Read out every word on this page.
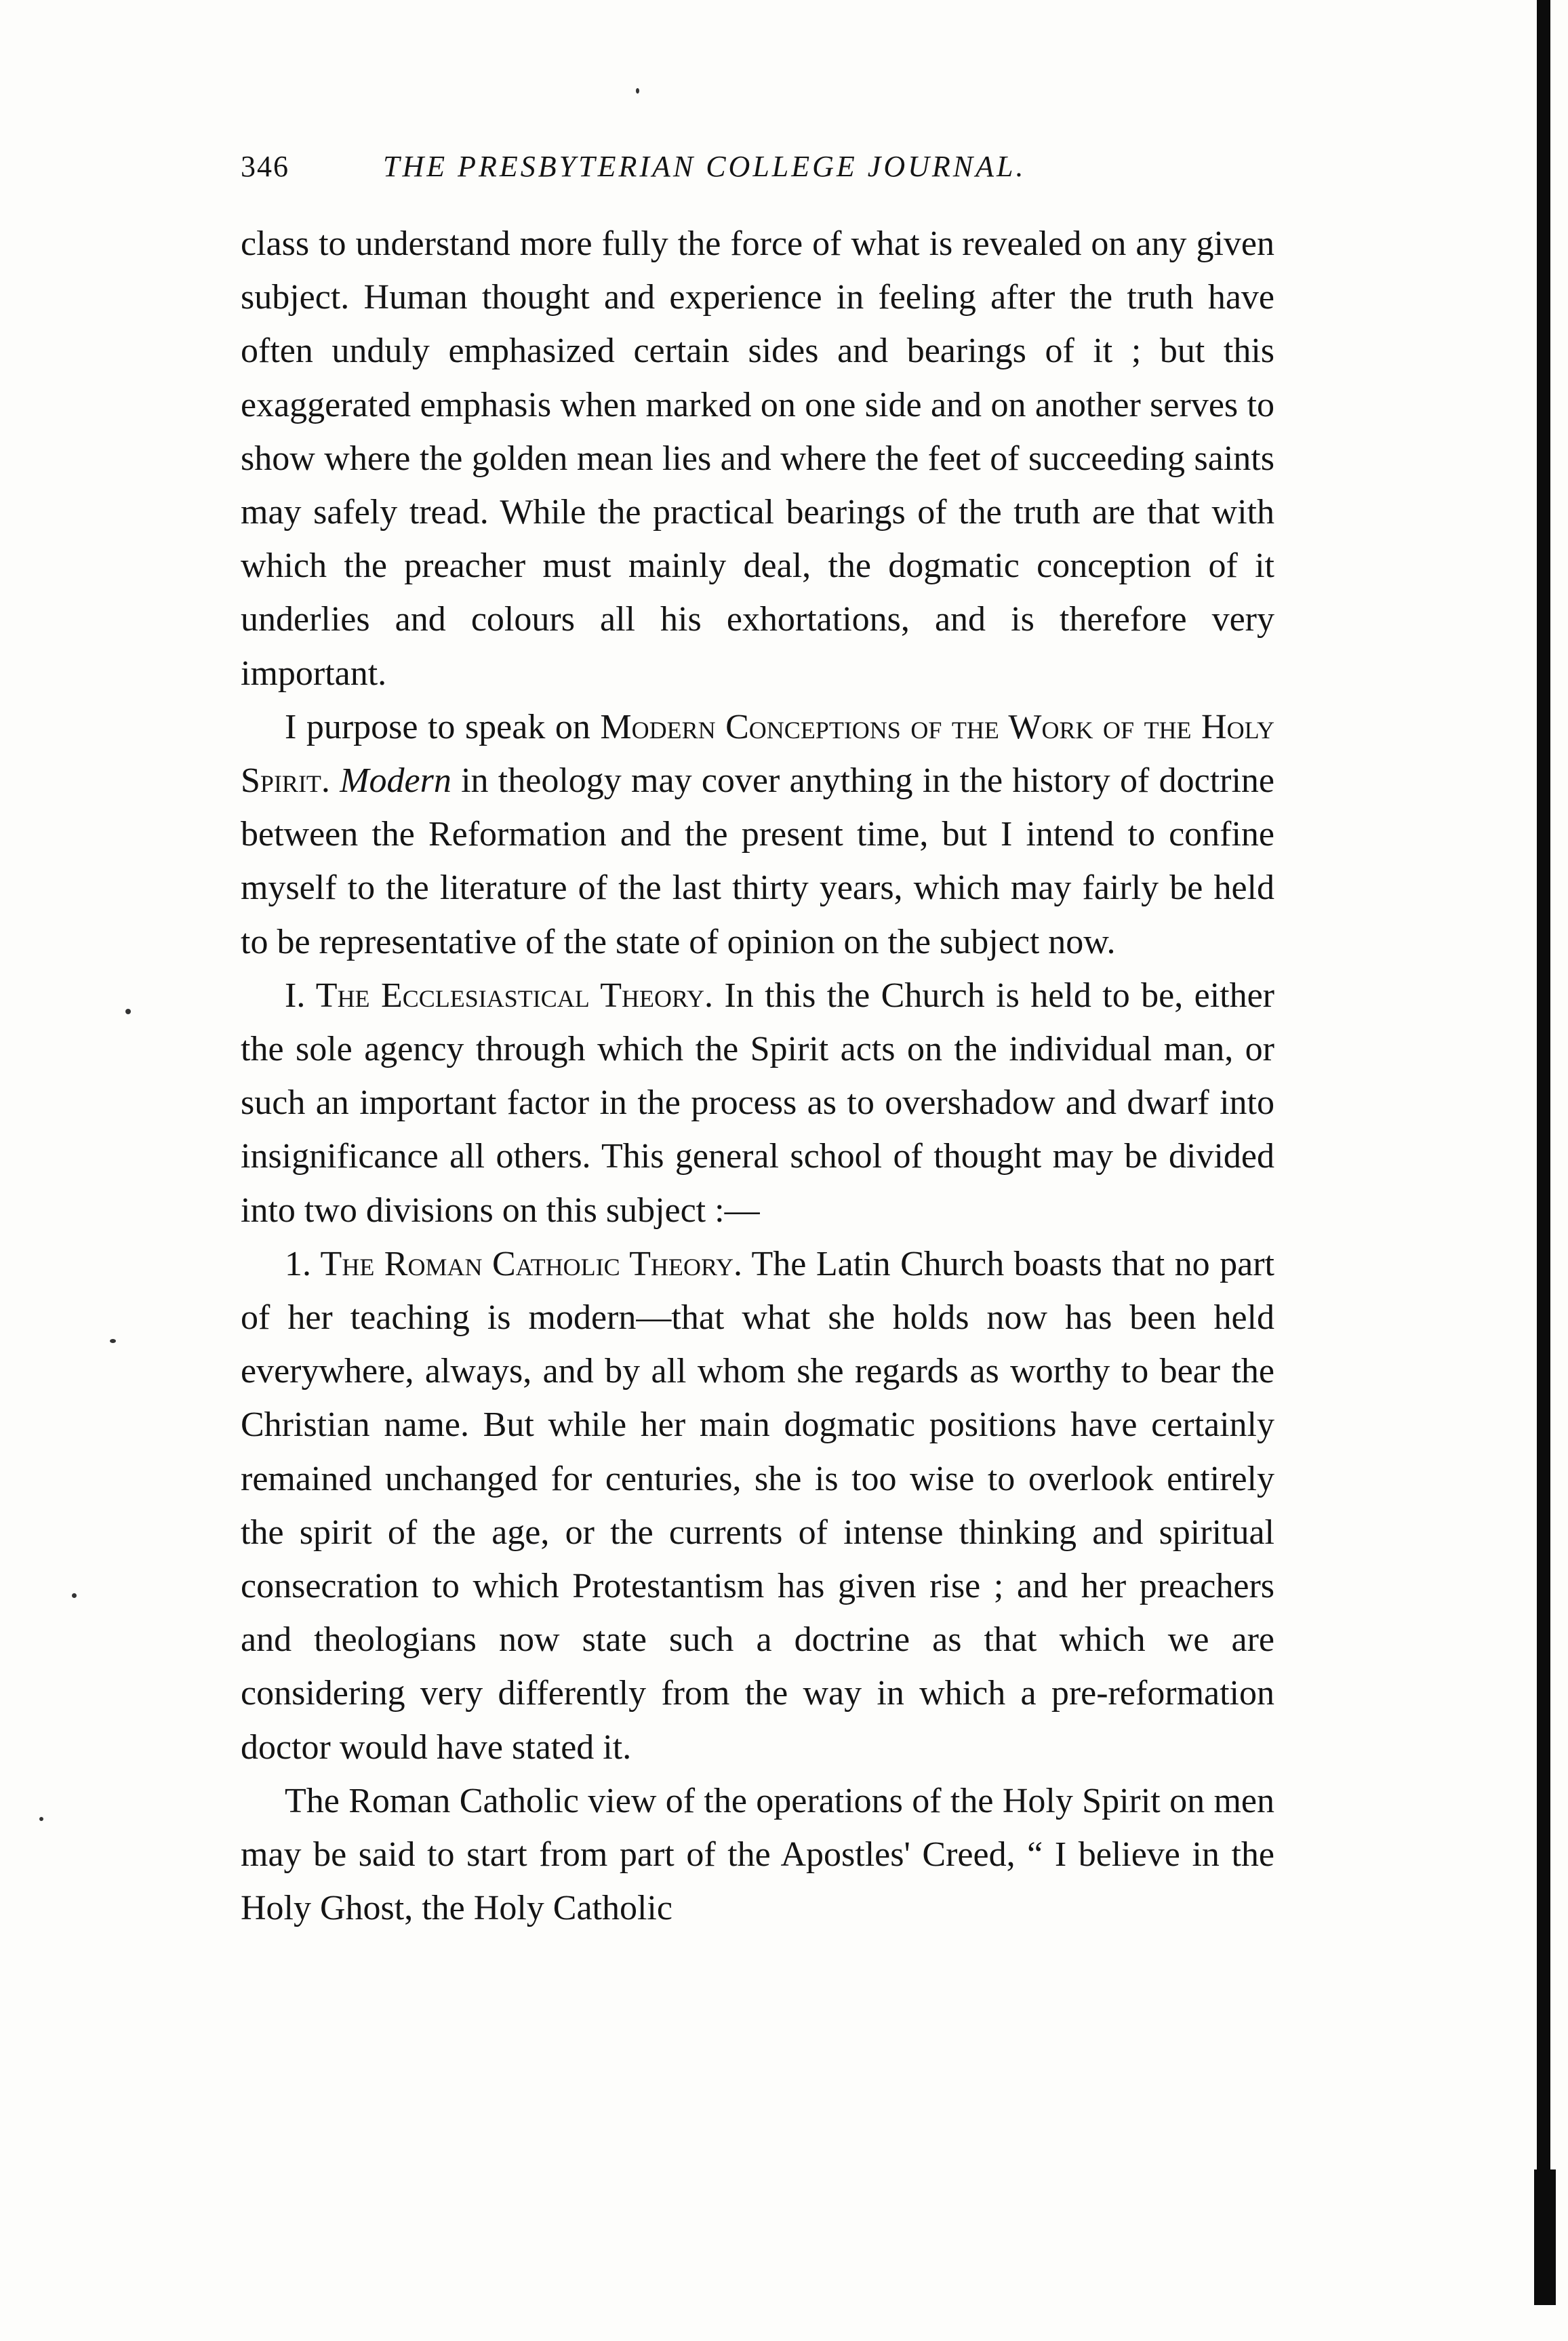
346	THE PRESBYTERIAN COLLEGE JOURNAL.

class to understand more fully the force of what is revealed on any given subject. Human thought and experience in feeling after the truth have often unduly emphasized certain sides and bearings of it ; but this exaggerated emphasis when marked on one side and on another serves to show where the golden mean lies and where the feet of succeeding saints may safely tread. While the practical bearings of the truth are that with which the preacher must mainly deal, the dogmatic conception of it underlies and colours all his exhortations, and is therefore very important.

I purpose to speak on Modern Conceptions of the Work of the Holy Spirit. Modern in theology may cover anything in the history of doctrine between the Reformation and the present time, but I intend to confine myself to the literature of the last thirty years, which may fairly be held to be representative of the state of opinion on the subject now.

I. The Ecclesiastical Theory. In this the Church is held to be, either the sole agency through which the Spirit acts on the individual man, or such an important factor in the process as to overshadow and dwarf into insignificance all others. This general school of thought may be divided into two divisions on this subject :—

1. The Roman Catholic Theory. The Latin Church boasts that no part of her teaching is modern—that what she holds now has been held everywhere, always, and by all whom she regards as worthy to bear the Christian name. But while her main dogmatic positions have certainly remained unchanged for centuries, she is too wise to overlook entirely the spirit of the age, or the currents of intense thinking and spiritual consecration to which Protestantism has given rise ; and her preachers and theologians now state such a doctrine as that which we are considering very differently from the way in which a pre-reformation doctor would have stated it.

The Roman Catholic view of the operations of the Holy Spirit on men may be said to start from part of the Apostles' Creed, “ I believe in the Holy Ghost, the Holy Catholic
